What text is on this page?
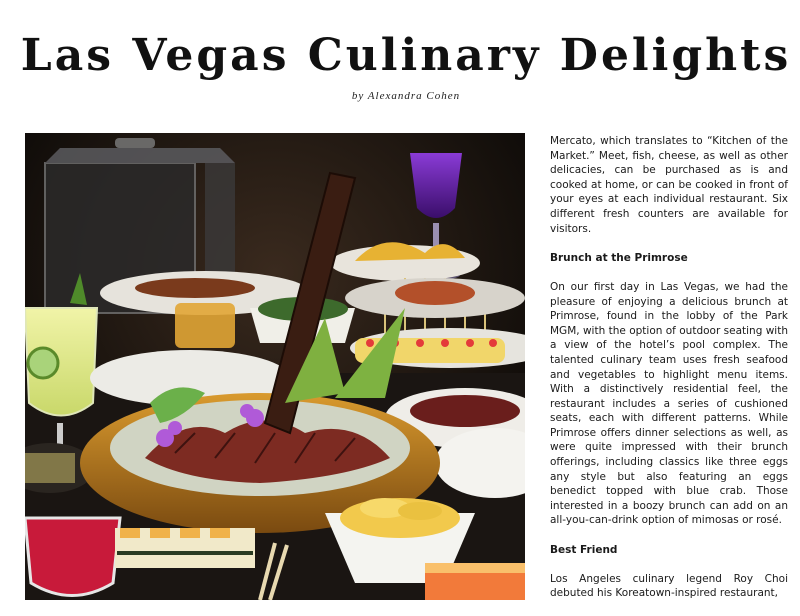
Las Vegas Culinary Delights
by Alexandra Cohen

Mercato, which translates to “Kitchen of the Market.” Meet, fish, cheese, as well as other delicacies, can be purchased as is and cooked at home, or can be cooked in front of your eyes at each individual restaurant. Six different fresh counters are available for visitors.

Brunch at the Primrose

On our first day in Las Vegas, we had the pleasure of enjoying a delicious brunch at Primrose, found in the lobby of the Park MGM, with the option of outdoor seating with a view of the hotel’s pool complex. The talented culinary team uses fresh seafood and vegetables to highlight menu items. With a distinctively residential feel, the restaurant includes a series of cushioned seats, each with different patterns. While Primrose offers dinner selections as well, as were quite impressed with their brunch offerings, including classics like three eggs any style but also featuring an eggs benedict topped with blue crab. Those interested in a boozy brunch can add on an all-you-can-drink option of mimosas or rosé.

Best Friend

Los Angeles culinary legend Roy Choi debuted his Koreatown-inspired restaurant,
